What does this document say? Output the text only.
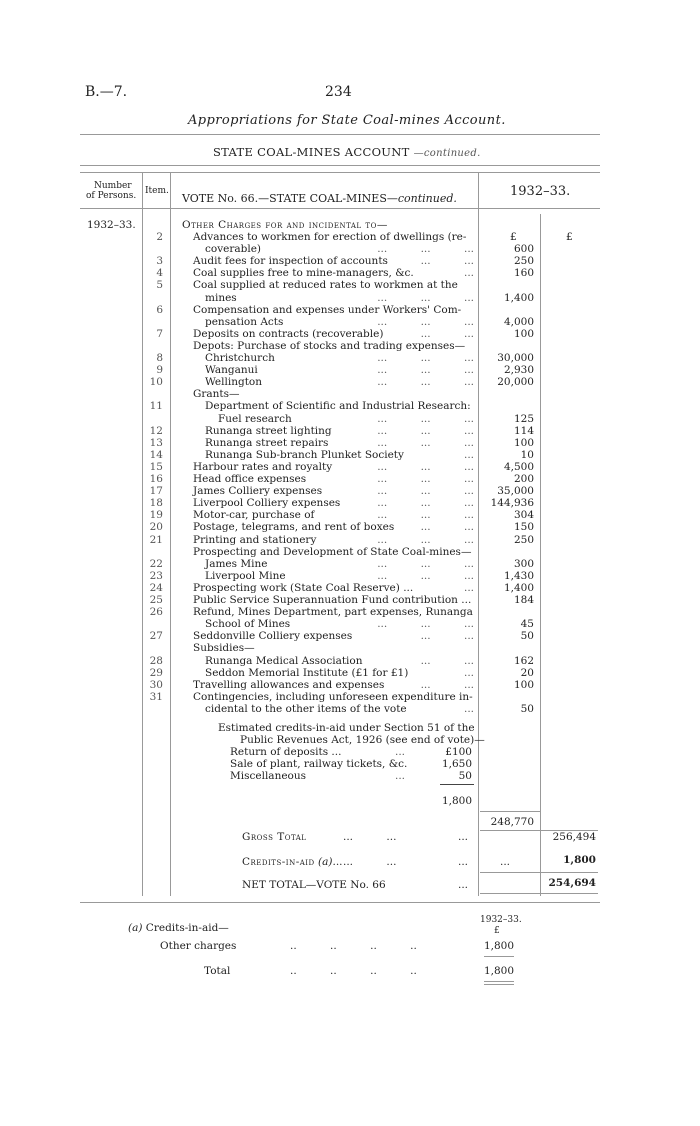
B.—7.	234
Appropriations for State Coal-mines Account.
STATE COAL-MINES ACCOUNT —continued.
Number
of Persons. Item.
VOTE No. 66.—STATE COAL-MINES—continued.	1932–33.
1932–33.	Other Charges for and incidental to—
£	£
2	Advances to workmen for erection of dwellings (re-
coverable)	...          ...          ...	600
3	Audit fees for inspection of accounts	...          ...	250
4	Coal supplies free to mine-managers, &c.	...	160
5	Coal supplied at reduced rates to workmen at the
mines	...          ...          ...	1,400
6	Compensation and expenses under Workers' Com-
pensation Acts	...          ...          ...	4,000
7	Deposits on contracts (recoverable)	...          ...	100
Depots: Purchase of stocks and trading expenses—
8	Christchurch	...          ...          ...	30,000
9	Wanganui	...          ...          ...	2,930
10	Wellington	...          ...          ...	20,000
Grants—
11	Department of Scientific and Industrial Research:
Fuel research	...          ...          ...	125
12	Runanga street lighting	...          ...          ...	114
13	Runanga street repairs	...          ...          ...	100
14	Runanga Sub-branch Plunket Society	...	10
15	Harbour rates and royalty	...          ...          ...	4,500
16	Head office expenses	...          ...          ...	200
17	James Colliery expenses	...          ...          ...	35,000
18	Liverpool Colliery expenses	...          ...          ...	144,936
19	Motor-car, purchase of	...          ...          ...	304
20	Postage, telegrams, and rent of boxes	...          ...	150
21	Printing and stationery	...          ...          ...	250
Prospecting and Development of State Coal-mines—
22	James Mine	...          ...          ...	300
23	Liverpool Mine	...          ...          ...	1,430
24	Prospecting work (State Coal Reserve) ...	...	1,400
25	Public Service Superannuation Fund contribution ...	184
26	Refund, Mines Department, part expenses, Runanga
School of Mines	...          ...          ...	45
27	Seddonville Colliery expenses	...          ...	50
Subsidies—
28	Runanga Medical Association	...          ...	162
29	Seddon Memorial Institute (£1 for £1)	...	20
30	Travelling allowances and expenses	...          ...	100
31	Contingencies, including unforeseen expenditure in-
cidental to the other items of the vote	...	50
Estimated credits-in-aid under Section 51 of the
Public Revenues Act, 1926 (see end of vote)—
Return of deposits ...	...	£100
Sale of plant, railway tickets, &c.	1,650
Miscellaneous	...	50
1,800
248,770
Gross Total	...          ...	...	256,494
Credits-in-aid (a)... ...          ...	...	...	1,800
NET TOTAL—VOTE No. 66	...	254,694
(a) Credits-in-aid—
1932–33.
£
Other charges	..          ..          ..          ..	1,800
Total	..          ..          ..          ..	1,800
